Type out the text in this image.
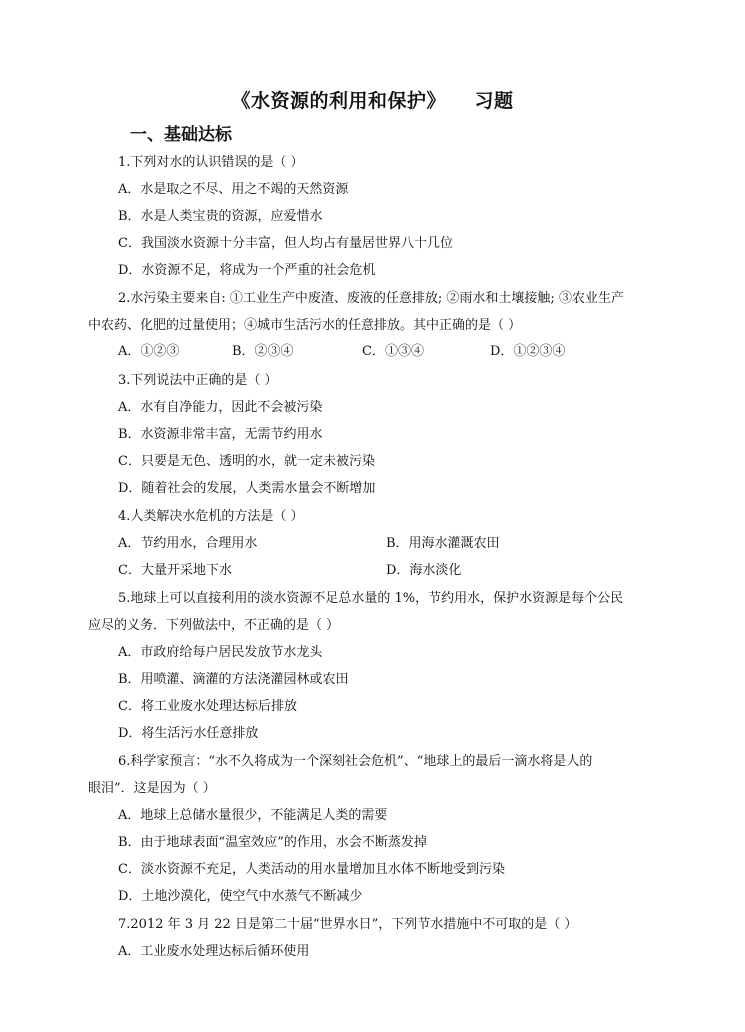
《水资源的利用和保护》    习题
一、基础达标
1.下列对水的认识错误的是（ ）
A．水是取之不尽、用之不竭的天然资源
B．水是人类宝贵的资源，应爱惜水
C．我国淡水资源十分丰富，但人均占有量居世界八十几位
D．水资源不足，将成为一个严重的社会危机
2.水污染主要来自: ①工业生产中废渣、废液的任意排放; ②雨水和土壤接触; ③农业生产
中农药、化肥的过量使用；④城市生活污水的任意排放。其中正确的是（ ）
A．①②③	B．②③④	C．①③④	D．①②③④
3.下列说法中正确的是（ ）
A．水有自净能力，因此不会被污染
B．水资源非常丰富，无需节约用水
C．只要是无色、透明的水，就一定未被污染
D．随着社会的发展，人类需水量会不断增加
4.人类解决水危机的方法是（ ）
A．节约用水，合理用水	B．用海水灌溉农田
C．大量开采地下水	D．海水淡化
5.地球上可以直接利用的淡水资源不足总水量的 1%，节约用水，保护水资源是每个公民
应尽的义务．下列做法中，不正确的是（ ）
A．市政府给每户居民发放节水龙头
B．用喷灌、滴灌的方法浇灌园林或农田
C．将工业废水处理达标后排放
D．将生活污水任意排放
6.科学家预言：“水不久将成为一个深刻社会危机”、“地球上的最后一滴水将是人的
眼泪”．这是因为（ ）
A．地球上总储水量很少，不能满足人类的需要
B．由于地球表面“温室效应”的作用，水会不断蒸发掉
C．淡水资源不充足，人类活动的用水量增加且水体不断地受到污染
D．土地沙漠化，使空气中水蒸气不断减少
7.2012 年 3 月 22 日是第二十届“世界水日”，下列节水措施中不可取的是（ ）
A．工业废水处理达标后循环使用
